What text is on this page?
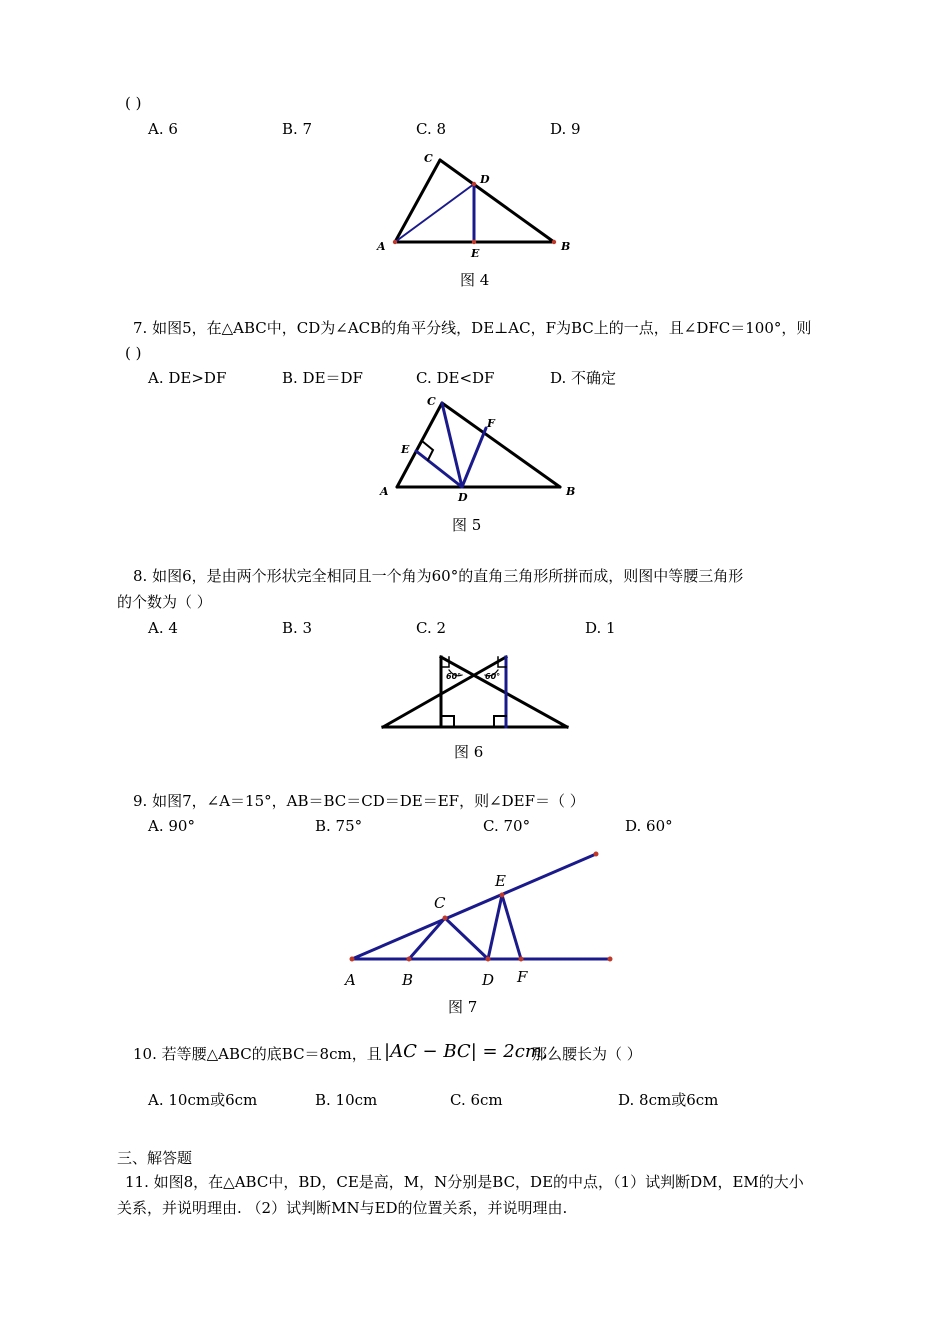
( )
A. 6	B. 7	C. 8	D. 9
C
D
A
E
B
图 4
7. 如图5，在△ABC中，CD为∠ACB的角平分线，DE⊥AC，F为BC上的一点，且∠DFC＝100°，则
( )
A. DE>DF	B. DE＝DF	C. DE<DF	D. 不确定
C
F
E
A	D	B
图 5
8. 如图6，是由两个形状完全相同且一个角为60°的直角三角形所拼而成，则图中等腰三角形
的个数为（ ）
A. 4	B. 3	C. 2	D. 1
60°	60°
图 6
9. 如图7，∠A＝15°，AB＝BC＝CD＝DE＝EF，则∠DEF＝（ ）
A. 90°	B. 75°	C. 70°	D. 60°
A	B
C
D
E
F
图 7
10. 若等腰△ABC的底BC＝8cm，且 |AC − BC| = 2cm,
那么腰长为（ ）
A. 10cm或6cm	B. 10cm	C. 6cm	D. 8cm或6cm
三、解答题
11. 如图8，在△ABC中，BD，CE是高，M，N分别是BC，DE的中点，（1）试判断DM，EM的大小
关系，并说明理由. （2）试判断MN与ED的位置关系，并说明理由.
